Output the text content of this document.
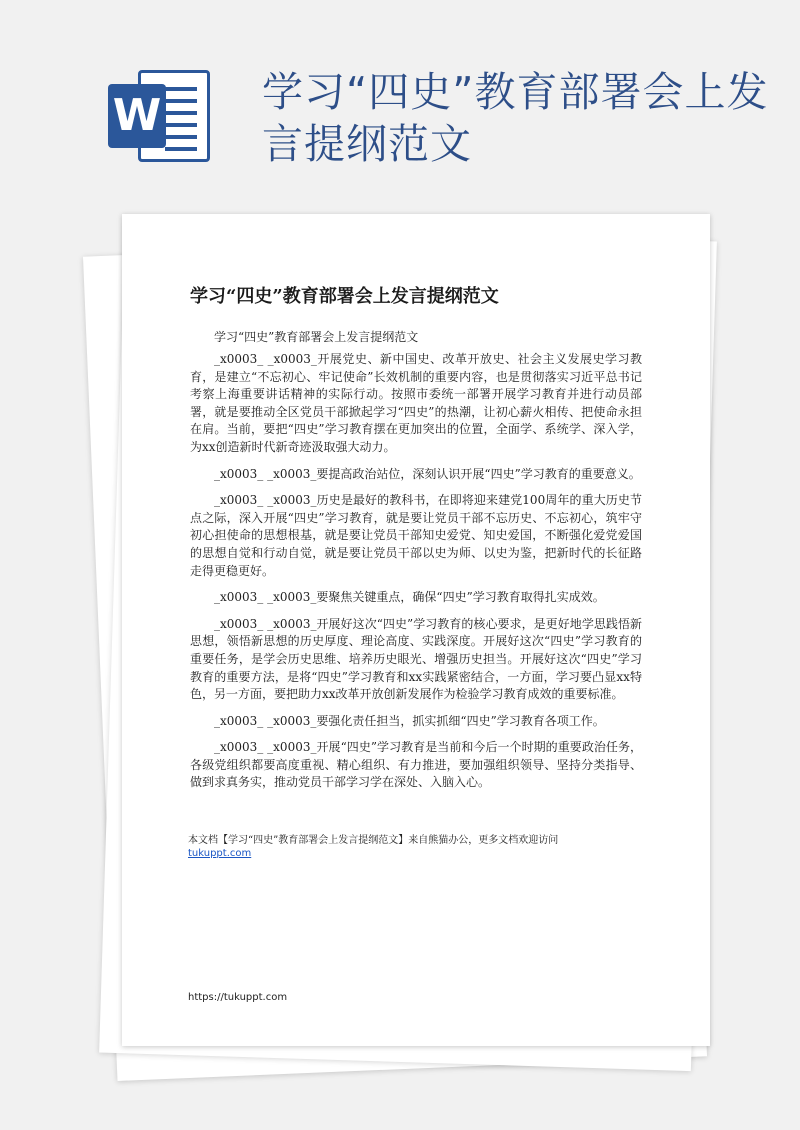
W 学习“四史”教育部署会上发言提纲范文
学习“四史”教育部署会上发言提纲范文
学习“四史”教育部署会上发言提纲范文

_x0003_ _x0003_开展党史、新中国史、改革开放史、社会主义发展史学习教育，是建立“不忘初心、牢记使命”长效机制的重要内容，也是贯彻落实习近平总书记考察上海重要讲话精神的实际行动。按照市委统一部署开展学习教育并进行动员部署，就是要推动全区党员干部掀起学习“四史”的热潮，让初心薪火相传、把使命永担在肩。当前，要把“四史”学习教育摆在更加突出的位置，全面学、系统学、深入学，为xx创造新时代新奇迹汲取强大动力。

_x0003_ _x0003_要提高政治站位，深刻认识开展“四史”学习教育的重要意义。

_x0003_ _x0003_历史是最好的教科书，在即将迎来建党100周年的重大历史节点之际，深入开展“四史”学习教育，就是要让党员干部不忘历史、不忘初心，筑牢守初心担使命的思想根基，就是要让党员干部知史爱党、知史爱国，不断强化爱党爱国的思想自觉和行动自觉，就是要让党员干部以史为师、以史为鉴，把新时代的长征路走得更稳更好。

_x0003_ _x0003_要聚焦关键重点，确保“四史”学习教育取得扎实成效。

_x0003_ _x0003_开展好这次“四史”学习教育的核心要求，是更好地学思践悟新思想，领悟新思想的历史厚度、理论高度、实践深度。开展好这次“四史”学习教育的重要任务，是学会历史思维、培养历史眼光、增强历史担当。开展好这次“四史”学习教育的重要方法，是将“四史”学习教育和xx实践紧密结合，一方面，学习要凸显xx特色，另一方面，要把助力xx改革开放创新发展作为检验学习教育成效的重要标准。

_x0003_ _x0003_要强化责任担当，抓实抓细“四史”学习教育各项工作。

_x0003_ _x0003_开展“四史”学习教育是当前和今后一个时期的重要政治任务，各级党组织都要高度重视、精心组织、有力推进，要加强组织领导、坚持分类指导、做到求真务实，推动党员干部学习学在深处、入脑入心。

本文档【学习“四史”教育部署会上发言提纲范文】来自熊猫办公，更多文档欢迎访问
tukuppt.com
https://tukuppt.com
